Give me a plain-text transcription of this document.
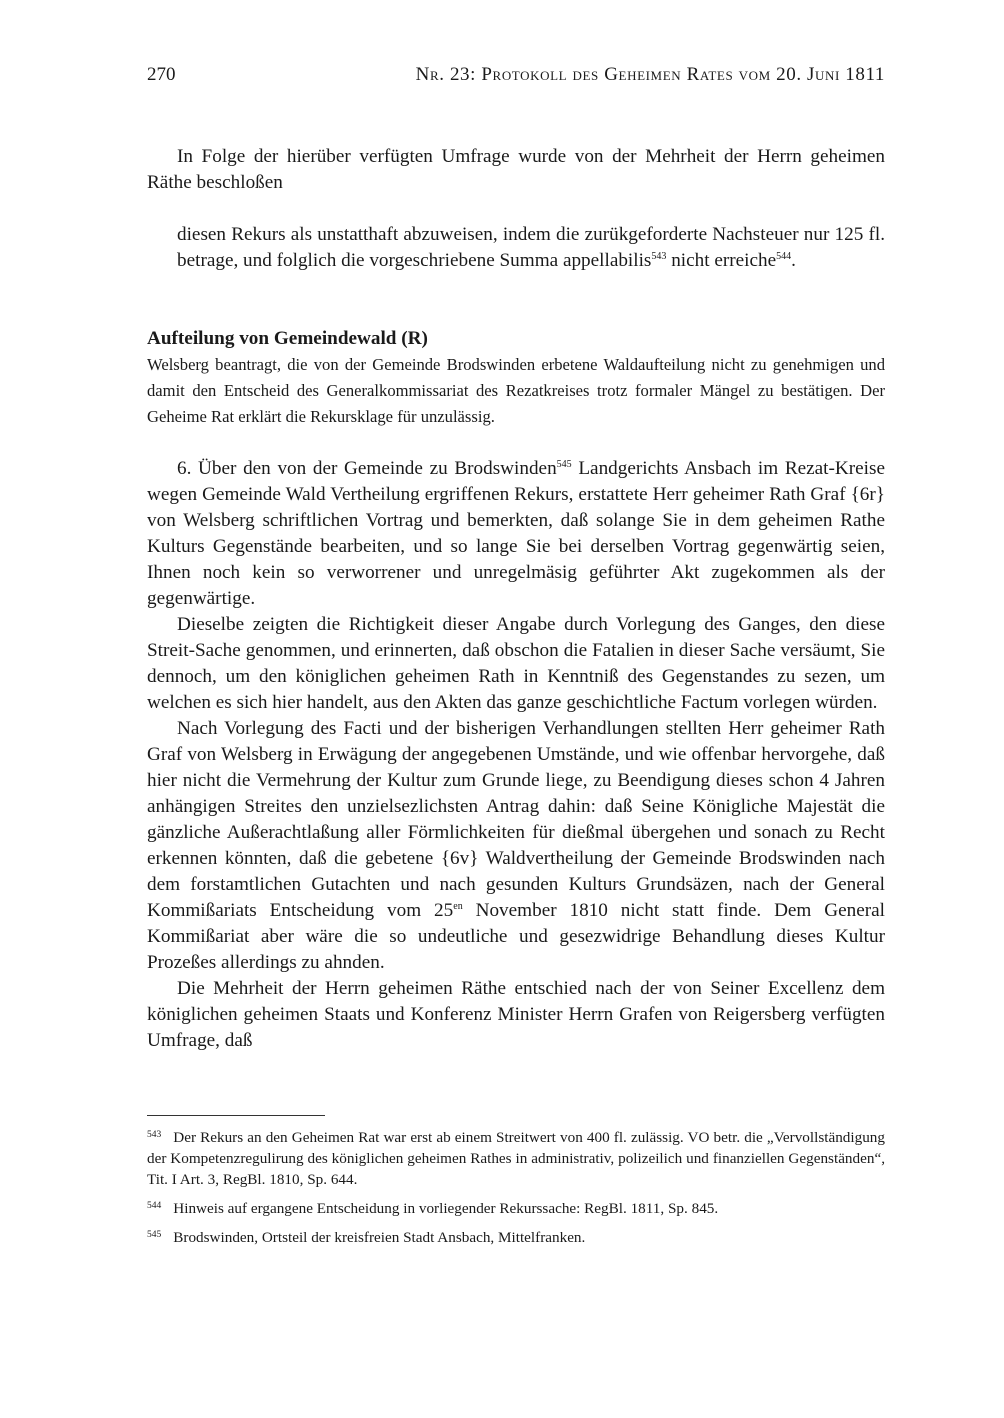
270	Nr. 23: Protokoll des Geheimen Rates vom 20. Juni 1811

In Folge der hierüber verfügten Umfrage wurde von der Mehrheit der Herrn geheimen Räthe beschloßen

diesen Rekurs als unstatthaft abzuweisen, indem die zurükgeforderte Nachsteuer nur 125 fl. betrage, und folglich die vorgeschriebene Summa appellabilis$^{543}$ nicht erreiche$^{544}$.

Aufteilung von Gemeindewald (R)

Welsberg beantragt, die von der Gemeinde Brodswinden erbetene Waldaufteilung nicht zu genehmigen und damit den Entscheid des Generalkommissariat des Rezatkreises trotz formaler Mängel zu bestätigen. Der Geheime Rat erklärt die Rekursklage für unzulässig.

6. Über den von der Gemeinde zu Brodswinden$^{545}$ Landgerichts Ansbach im Rezat-Kreise wegen Gemeinde Wald Vertheilung ergriffenen Rekurs, erstattete Herr geheimer Rath Graf {6r} von Welsberg schriftlichen Vortrag und bemerkten, daß solange Sie in dem geheimen Rathe Kulturs Gegenstände bearbeiten, und so lange Sie bei derselben Vortrag gegenwärtig seien, Ihnen noch kein so verworrener und unregelmäsig geführter Akt zugekommen als der gegenwärtige.

Dieselbe zeigten die Richtigkeit dieser Angabe durch Vorlegung des Ganges, den diese Streit-Sache genommen, und erinnerten, daß obschon die Fatalien in dieser Sache versäumt, Sie dennoch, um den königlichen geheimen Rath in Kenntniß des Gegenstandes zu sezen, um welchen es sich hier handelt, aus den Akten das ganze geschichtliche Factum vorlegen würden.

Nach Vorlegung des Facti und der bisherigen Verhandlungen stellten Herr geheimer Rath Graf von Welsberg in Erwägung der angegebenen Umstände, und wie offenbar hervorgehe, daß hier nicht die Vermehrung der Kultur zum Grunde liege, zu Beendigung dieses schon 4 Jahren anhängigen Streites den unzielsezlichsten Antrag dahin: daß Seine Königliche Majestät die gänzliche Außerachtlaßung aller Förmlichkeiten für dießmal übergehen und sonach zu Recht erkennen könnten, daß die gebetene {6v} Waldvertheilung der Gemeinde Brodswinden nach dem forstamtlichen Gutachten und nach gesunden Kulturs Grundsäzen, nach der General Kommißariats Entscheidung vom $25^{en}$ November 1810 nicht statt finde. Dem General Kommißariat aber wäre die so undeutliche und gesezwidrige Behandlung dieses Kultur Prozeßes allerdings zu ahnden.

Die Mehrheit der Herrn geheimen Räthe entschied nach der von Seiner Excellenz dem königlichen geheimen Staats und Konferenz Minister Herrn Grafen von Reigersberg verfügten Umfrage, daß

$^{543}$ Der Rekurs an den Geheimen Rat war erst ab einem Streitwert von 400 fl. zulässig. VO betr. die „Vervollständigung der Kompetenzregulirung des königlichen geheimen Rathes in administrativ, polizeilich und finanziellen Gegenständen“, Tit. I Art. 3, RegBl. 1810, Sp. 644.

$^{544}$ Hinweis auf ergangene Entscheidung in vorliegender Rekurssache: RegBl. 1811, Sp. 845.

$^{545}$ Brodswinden, Ortsteil der kreisfreien Stadt Ansbach, Mittelfranken.
